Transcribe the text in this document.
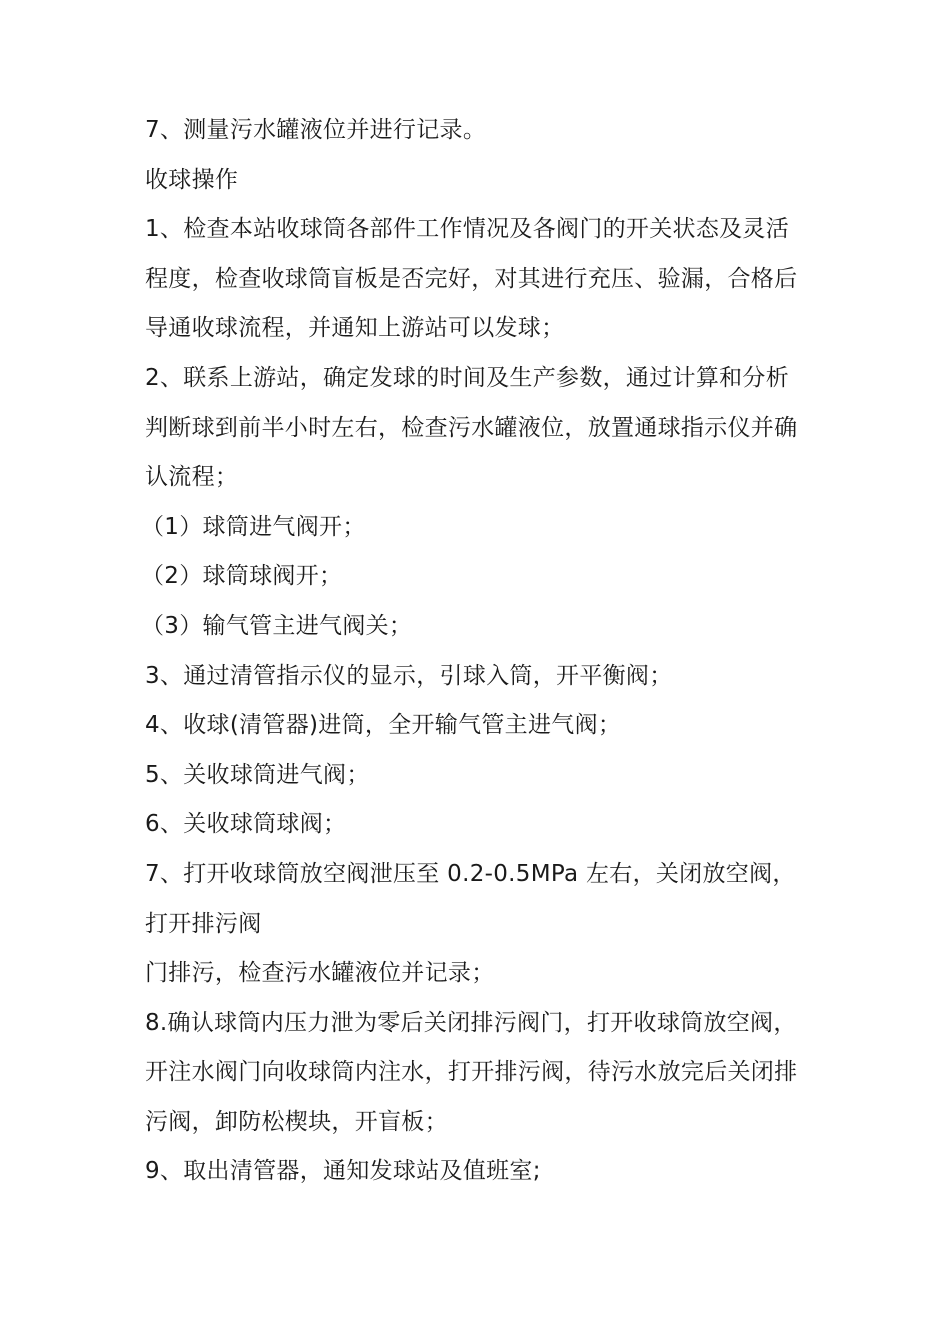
7、测量污水罐液位并进行记录。
收球操作
1、检查本站收球筒各部件工作情况及各阀门的开关状态及灵活
程度，检查收球筒盲板是否完好，对其进行充压、验漏，合格后
导通收球流程，并通知上游站可以发球；
2、联系上游站，确定发球的时间及生产参数，通过计算和分析
判断球到前半小时左右，检查污水罐液位，放置通球指示仪并确
认流程；
（1）球筒进气阀开；
（2）球筒球阀开；
（3）输气管主进气阀关；
3、通过清管指示仪的显示，引球入筒，开平衡阀；
4、收球(清管器)进筒，全开输气管主进气阀；
5、关收球筒进气阀；
6、关收球筒球阀；
7、打开收球筒放空阀泄压至 0.2-0.5MPa 左右，关闭放空阀，
打开排污阀
门排污，检查污水罐液位并记录；
8.确认球筒内压力泄为零后关闭排污阀门，打开收球筒放空阀，
开注水阀门向收球筒内注水，打开排污阀，待污水放完后关闭排
污阀，卸防松楔块，开盲板；
9、取出清管器，通知发球站及值班室;
